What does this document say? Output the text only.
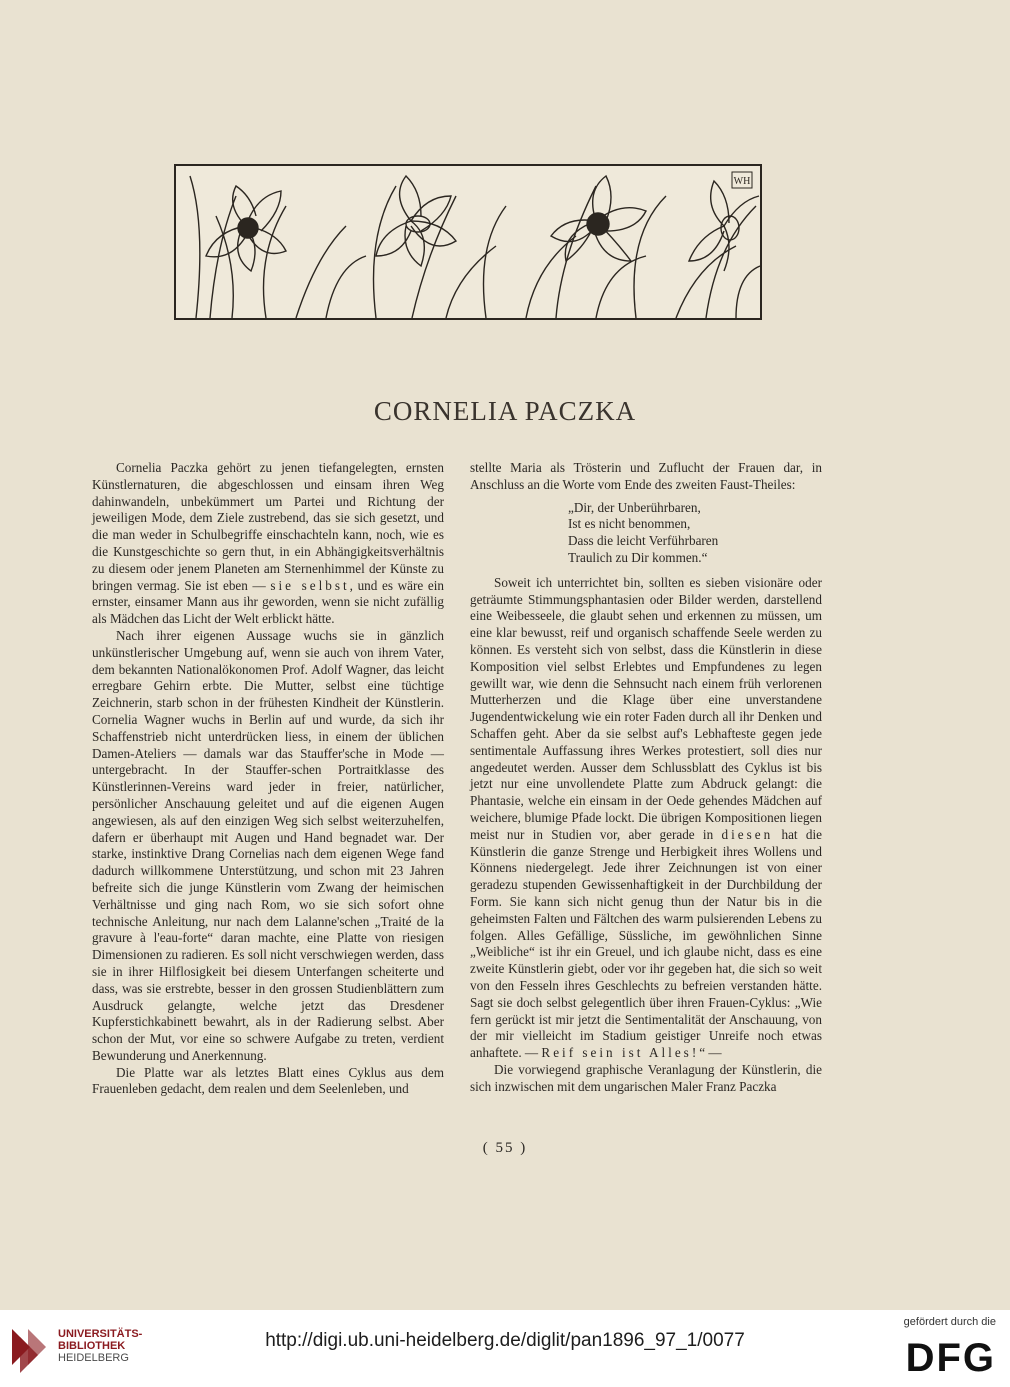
WH
CORNELIA PACZKA

Cornelia Paczka gehört zu jenen tiefangelegten, ernsten Künstlernaturen, die abgeschlossen und einsam ihren Weg dahinwandeln, unbekümmert um Partei und Richtung der jeweiligen Mode, dem Ziele zustrebend, das sie sich gesetzt, und die man weder in Schulbegriffe einschachteln kann, noch, wie es die Kunstgeschichte so gern thut, in ein Abhängigkeitsverhältnis zu diesem oder jenem Planeten am Sternenhimmel der Künste zu bringen vermag. Sie ist eben — sie selbst, und es wäre ein ernster, einsamer Mann aus ihr geworden, wenn sie nicht zufällig als Mädchen das Licht der Welt erblickt hätte.

Nach ihrer eigenen Aussage wuchs sie in gänzlich unkünstlerischer Umgebung auf, wenn sie auch von ihrem Vater, dem bekannten Nationalökonomen Prof. Adolf Wagner, das leicht erregbare Gehirn erbte. Die Mutter, selbst eine tüchtige Zeichnerin, starb schon in der frühesten Kindheit der Künstlerin. Cornelia Wagner wuchs in Berlin auf und wurde, da sich ihr Schaffenstrieb nicht unterdrücken liess, in einem der üblichen Damen-Ateliers — damals war das Stauffer'sche in Mode — untergebracht. In der Stauffer-schen Portraitklasse des Künstlerinnen-Vereins ward jeder in freier, natürlicher, persönlicher Anschauung geleitet und auf die eigenen Augen angewiesen, als auf den einzigen Weg sich selbst weiterzuhelfen, dafern er überhaupt mit Augen und Hand begnadet war. Der starke, instinktive Drang Cornelias nach dem eigenen Wege fand dadurch willkommene Unterstützung, und schon mit 23 Jahren befreite sich die junge Künstlerin vom Zwang der heimischen Verhältnisse und ging nach Rom, wo sie sich sofort ohne technische Anleitung, nur nach dem Lalanne'schen „Traité de la gravure à l'eau-forte“ daran machte, eine Platte von riesigen Dimensionen zu radieren. Es soll nicht verschwiegen werden, dass sie in ihrer Hilflosigkeit bei diesem Unterfangen scheiterte und dass, was sie erstrebte, besser in den grossen Studienblättern zum Ausdruck gelangte, welche jetzt das Dresdener Kupferstichkabinett bewahrt, als in der Radierung selbst. Aber schon der Mut, vor eine so schwere Aufgabe zu treten, verdient Bewunderung und Anerkennung.

Die Platte war als letztes Blatt eines Cyklus aus dem Frauenleben gedacht, dem realen und dem Seelenleben, und

stellte Maria als Trösterin und Zuflucht der Frauen dar, in Anschluss an die Worte vom Ende des zweiten Faust-Theiles:

„Dir, der Unberührbaren,
Ist es nicht benommen,
Dass die leicht Verführbaren
Traulich zu Dir kommen.“

Soweit ich unterrichtet bin, sollten es sieben visionäre oder geträumte Stimmungsphantasien oder Bilder werden, darstellend eine Weibesseele, die glaubt sehen und erkennen zu müssen, um eine klar bewusst, reif und organisch schaffende Seele werden zu können. Es versteht sich von selbst, dass die Künstlerin in diese Komposition viel selbst Erlebtes und Empfundenes zu legen gewillt war, wie denn die Sehnsucht nach einem früh verlorenen Mutterherzen und die Klage über eine unverstandene Jugendentwickelung wie ein roter Faden durch all ihr Denken und Schaffen geht. Aber da sie selbst auf's Lebhafteste gegen jede sentimentale Auffassung ihres Werkes protestiert, soll dies nur angedeutet werden. Ausser dem Schlussblatt des Cyklus ist bis jetzt nur eine unvollendete Platte zum Abdruck gelangt: die Phantasie, welche ein einsam in der Oede gehendes Mädchen auf weichere, blumige Pfade lockt. Die übrigen Kompositionen liegen meist nur in Studien vor, aber gerade in diesen hat die Künstlerin die ganze Strenge und Herbigkeit ihres Wollens und Könnens niedergelegt. Jede ihrer Zeichnungen ist von einer geradezu stupenden Gewissenhaftigkeit in der Durchbildung der Form. Sie kann sich nicht genug thun der Natur bis in die geheimsten Falten und Fältchen des warm pulsierenden Lebens zu folgen. Alles Gefällige, Süssliche, im gewöhnlichen Sinne „Weibliche“ ist ihr ein Greuel, und ich glaube nicht, dass es eine zweite Künstlerin giebt, oder vor ihr gegeben hat, die sich so weit von den Fesseln ihres Geschlechts zu befreien verstanden hätte. Sagt sie doch selbst gelegentlich über ihren Frauen-Cyklus: „Wie fern gerückt ist mir jetzt die Sentimentalität der Anschauung, von der mir vielleicht im Stadium geistiger Unreife noch etwas anhaftete. — Reif sein ist Alles!“ —

Die vorwiegend graphische Veranlagung der Künstlerin, die sich inzwischen mit dem ungarischen Maler Franz Paczka

( 55 )
UNIVERSITÄTS-
BIBLIOTHEK
HEIDELBERG
http://digi.ub.uni-heidelberg.de/diglit/pan1896_97_1/0077
gefördert durch die
DFG
